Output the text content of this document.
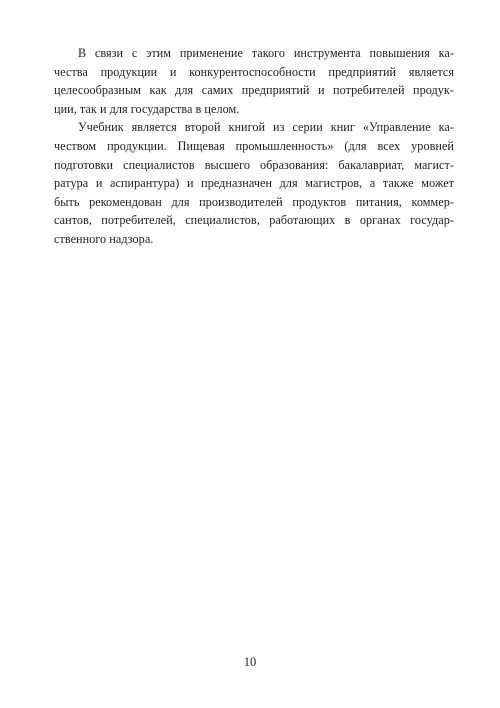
В связи с этим применение такого инструмента повышения ка-
чества продукции и конкурентоспособности предприятий является
целесообразным как для самих предприятий и потребителей продук-
ции, так и для государства в целом.

Учебник является второй книгой из серии книг «Управление ка-
чеством продукции. Пищевая промышленность» (для всех уровней
подготовки специалистов высшего образования: бакалавриат, магист-
ратура и аспирантура) и предназначен для магистров, а также может
быть рекомендован для производителей продуктов питания, коммер-
сантов, потребителей, специалистов, работающих в органах государ-
ственного надзора.

10
